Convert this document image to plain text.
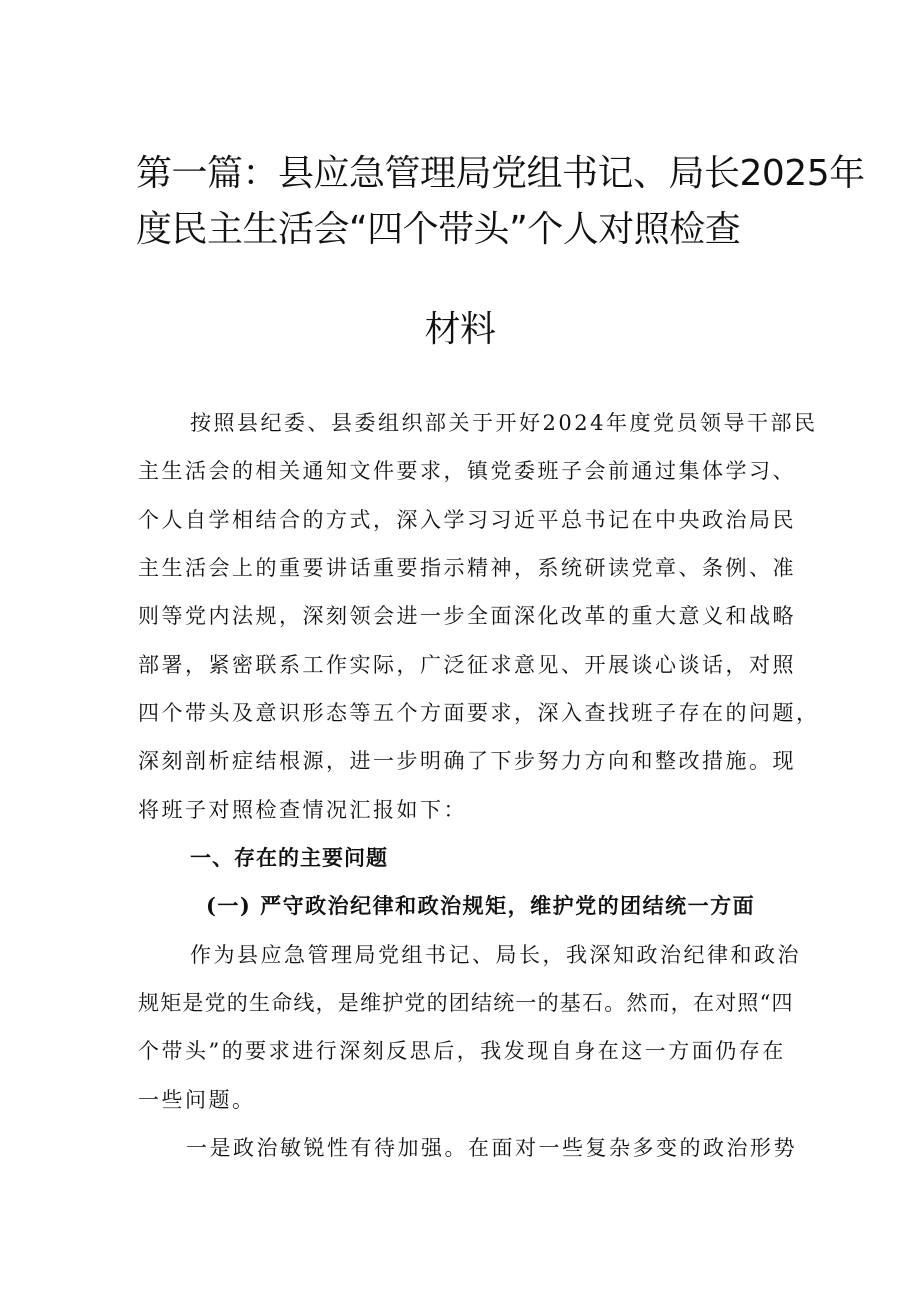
第一篇：县应急管理局党组书记、局长2025年
度民主生活会“四个带头”个人对照检查
材料

按照县纪委、县委组织部关于开好2024年度党员领导干部民

主生活会的相关通知文件要求，镇党委班子会前通过集体学习、

个人自学相结合的方式，深入学习习近平总书记在中央政治局民

主生活会上的重要讲话重要指示精神，系统研读党章、条例、准

则等党内法规，深刻领会进一步全面深化改革的重大意义和战略

部署，紧密联系工作实际，广泛征求意见、开展谈心谈话，对照

四个带头及意识形态等五个方面要求，深入查找班子存在的问题，

深刻剖析症结根源，进一步明确了下步努力方向和整改措施。现

将班子对照检查情况汇报如下：

一、存在的主要问题
(一) 严守政治纪律和政治规矩，维护党的团结统一方面

作为县应急管理局党组书记、局长，我深知政治纪律和政治

规矩是党的生命线，是维护党的团结统一的基石。然而，在对照“四

个带头”的要求进行深刻反思后，我发现自身在这一方面仍存在

一些问题。

一是政治敏锐性有待加强。在面对一些复杂多变的政治形势
